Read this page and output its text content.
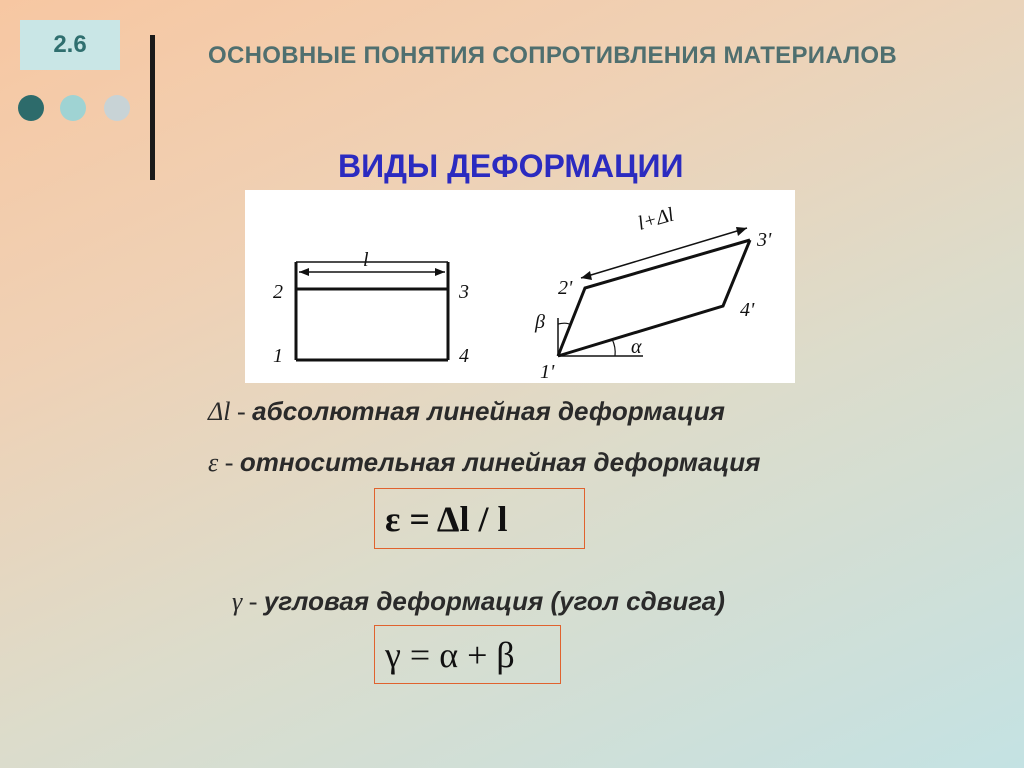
2.6	ОСНОВНЫЕ ПОНЯТИЯ СОПРОТИВЛЕНИЯ МАТЕРИАЛОВ
ВИДЫ ДЕФОРМАЦИИ
l
2	3
1	4
l+Δl
2'
3'
1'
4'
α
β
Δl - абсолютная линейная деформация
ε - относительная линейная деформация
ε = Δl / l
γ - угловая деформация (угол сдвига)
γ = α + β
